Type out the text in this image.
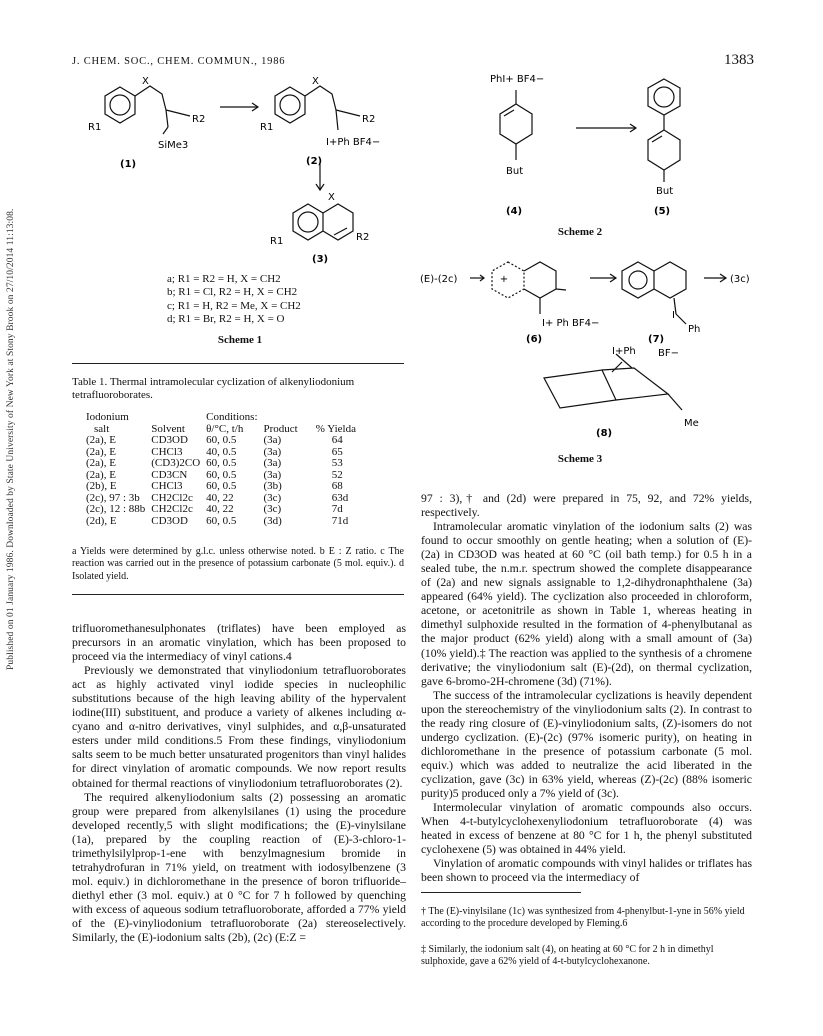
Published on 01 January 1986. Downloaded by State University of New York at Stony Brook on 27/10/2014 11:13:08.
J. CHEM. SOC., CHEM. COMMUN., 1986	1383
X
R1
R2
SiMe3
(1)
X
R1
R2
I+Ph BF4−
(2)
X
R1	R2
(3)
a; R1 = R2 = H, X = CH2
b; R1 = Cl, R2 = H, X = CH2
c; R1 = H, R2 = Me, X = CH2
d; R1 = Br, R2 = H, X = O
Scheme 1
Table 1. Thermal intramolecular cyclization of alkenyliodonium tetrafluoroborates.
Iodonium		Conditions:		
salt	Solvent	θ/°C, t/h	Product	% Yielda
(2a), E	CD3OD	60, 0.5	(3a)	64
(2a), E	CHCl3	40, 0.5	(3a)	65
(2a), E	(CD3)2CO	60, 0.5	(3a)	53
(2a), E	CD3CN	60, 0.5	(3a)	52
(2b), E	CHCl3	60, 0.5	(3b)	68
(2c), 97 : 3b	CH2Cl2c	40, 22	(3c)	63d
(2c), 12 : 88b	CH2Cl2c	40, 22	(3c)	7d
(2d), E	CD3OD	60, 0.5	(3d)	71d
a Yields were determined by g.l.c. unless otherwise noted. b E : Z ratio. c The reaction was carried out in the presence of potassium carbonate (5 mol. equiv.). d Isolated yield.

trifluoromethanesulphonates (triflates) have been employed as precursors in an aromatic vinylation, which has been proposed to proceed via the intermediacy of vinyl cations.4

Previously we demonstrated that vinyliodonium tetrafluoroborates act as highly activated vinyl iodide species in nucleophilic substitutions because of the high leaving ability of the hypervalent iodine(III) substituent, and produce a variety of alkenes including α-cyano and α-nitro derivatives, vinyl sulphides, and α,β-unsaturated esters under mild conditions.5 From these findings, vinyliodonium salts seem to be much better unsaturated progenitors than vinyl halides for direct vinylation of aromatic compounds. We now report results obtained for thermal reactions of vinyliodonium tetrafluoroborates (2).

The required alkenyliodonium salts (2) possessing an aromatic group were prepared from alkenylsilanes (1) using the procedure developed recently,5 with slight modifications; the (E)-vinylsilane (1a), prepared by the coupling reaction of (E)-3-chloro-1-trimethylsilylprop-1-ene with benzylmagnesium bromide in tetrahydrofuran in 71% yield, on treatment with iodosylbenzene (3 mol. equiv.) in dichloromethane in the presence of boron trifluoride–diethyl ether (3 mol. equiv.) at 0 °C for 7 h followed by quenching with excess of aqueous sodium tetrafluoroborate, afforded a 77% yield of the (E)-vinyliodonium tetrafluoroborate (2a) stereoselectively. Similarly, the (E)-iodonium salts (2b), (2c) (E:Z =

PhI+ BF4−
But
But
(4)	(5)
Scheme 2
(E)-(2c)	+
I+ Ph BF4−
(6)
I
Ph
(7)
(3c)
I+Ph BF−
Me
(8)
Scheme 3

97 : 3),† and (2d) were prepared in 75, 92, and 72% yields, respectively.

Intramolecular aromatic vinylation of the iodonium salts (2) was found to occur smoothly on gentle heating; when a solution of (E)-(2a) in CD3OD was heated at 60 °C (oil bath temp.) for 0.5 h in a sealed tube, the n.m.r. spectrum showed the complete disappearance of (2a) and new signals assignable to 1,2-dihydronaphthalene (3a) appeared (64% yield). The cyclization also proceeded in chloroform, acetone, or acetonitrile as shown in Table 1, whereas heating in dimethyl sulphoxide resulted in the formation of 4-phenylbutanal as the major product (62% yield) along with a small amount of (3a) (10% yield).‡ The reaction was applied to the synthesis of a chromene derivative; the vinyliodonium salt (E)-(2d), on thermal cyclization, gave 6-bromo-2H-chromene (3d) (71%).

The success of the intramolecular cyclizations is heavily dependent upon the stereochemistry of the vinyliodonium salts (2). In contrast to the ready ring closure of (E)-vinyliodonium salts, (Z)-isomers do not undergo cyclization. (E)-(2c) (97% isomeric purity), on heating in dichloromethane in the presence of potassium carbonate (5 mol. equiv.) which was added to neutralize the acid liberated in the cyclization, gave (3c) in 63% yield, whereas (Z)-(2c) (88% isomeric purity)5 produced only a 7% yield of (3c).

Intermolecular vinylation of aromatic compounds also occurs. When 4-t-butylcyclohexenyliodonium tetrafluoroborate (4) was heated in excess of benzene at 80 °C for 1 h, the phenyl substituted cyclohexene (5) was obtained in 44% yield.

Vinylation of aromatic compounds with vinyl halides or triflates has been shown to proceed via the intermediacy of

† The (E)-vinylsilane (1c) was synthesized from 4-phenylbut-1-yne in 56% yield according to the procedure developed by Fleming.6
‡ Similarly, the iodonium salt (4), on heating at 60 °C for 2 h in dimethyl sulphoxide, gave a 62% yield of 4-t-butylcyclohexanone.
